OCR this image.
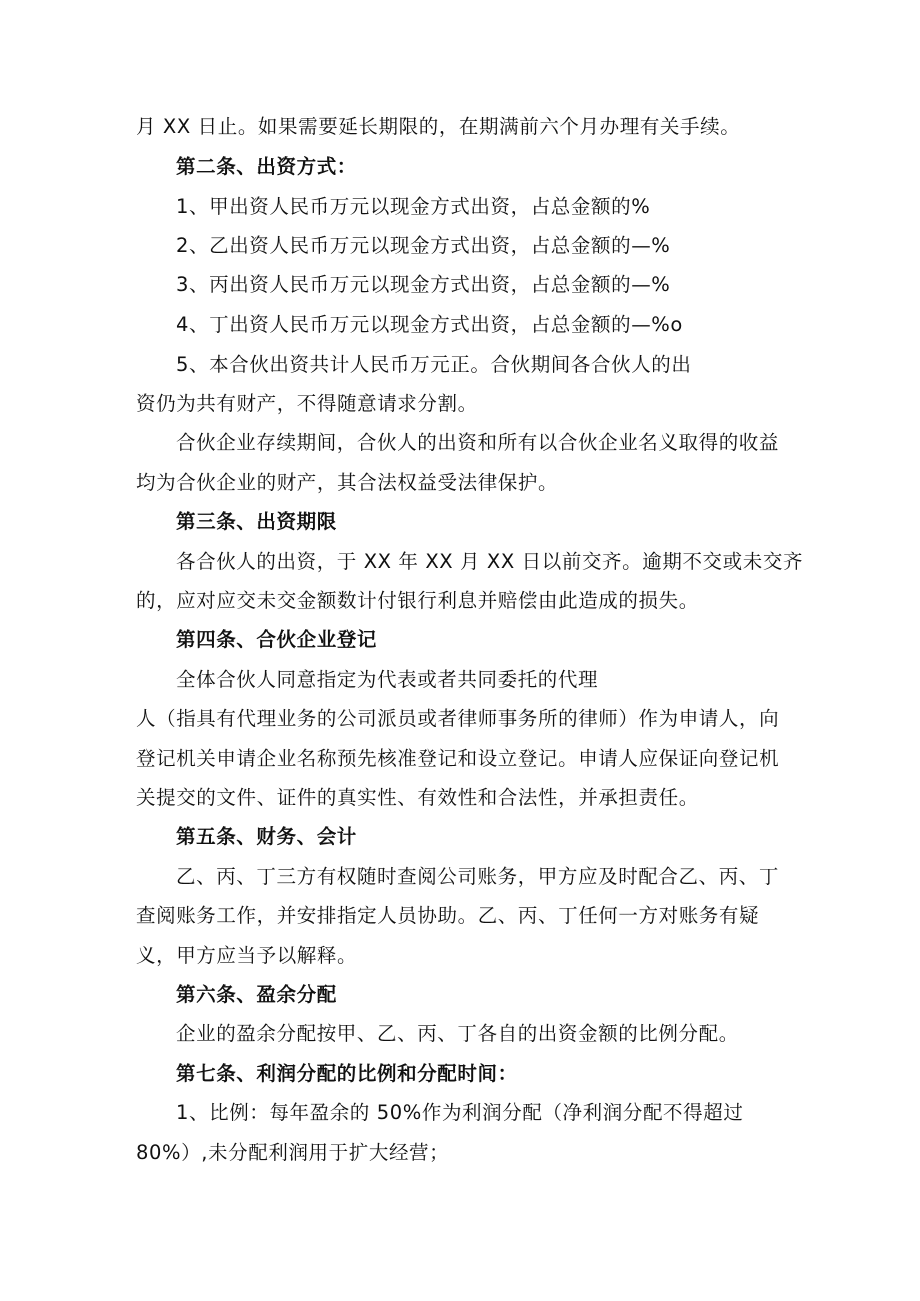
月 XX 日止。如果需要延长期限的，在期满前六个月办理有关手续。
第二条、出资方式：
1、甲出资人民币万元以现金方式出资，占总金额的%
2、乙出资人民币万元以现金方式出资，占总金额的—%
3、丙出资人民币万元以现金方式出资，占总金额的—%
4、丁出资人民币万元以现金方式出资，占总金额的—%o
5、本合伙出资共计人民币万元正。合伙期间各合伙人的出
资仍为共有财产，不得随意请求分割。
合伙企业存续期间，合伙人的出资和所有以合伙企业名义取得的收益
均为合伙企业的财产，其合法权益受法律保护。
第三条、出资期限
各合伙人的出资，于 XX 年 XX 月 XX 日以前交齐。逾期不交或未交齐
的，应对应交未交金额数计付银行利息并赔偿由此造成的损失。
第四条、合伙企业登记
全体合伙人同意指定为代表或者共同委托的代理
人（指具有代理业务的公司派员或者律师事务所的律师）作为申请人，向
登记机关申请企业名称预先核准登记和设立登记。申请人应保证向登记机
关提交的文件、证件的真实性、有效性和合法性，并承担责任。
第五条、财务、会计
乙、丙、丁三方有权随时查阅公司账务，甲方应及时配合乙、丙、丁
查阅账务工作，并安排指定人员协助。乙、丙、丁任何一方对账务有疑
义，甲方应当予以解释。
第六条、盈余分配
企业的盈余分配按甲、乙、丙、丁各自的出资金额的比例分配。
第七条、利润分配的比例和分配时间：
1、比例：每年盈余的 50%作为利润分配（净利润分配不得超过
80%）,未分配利润用于扩大经营；
